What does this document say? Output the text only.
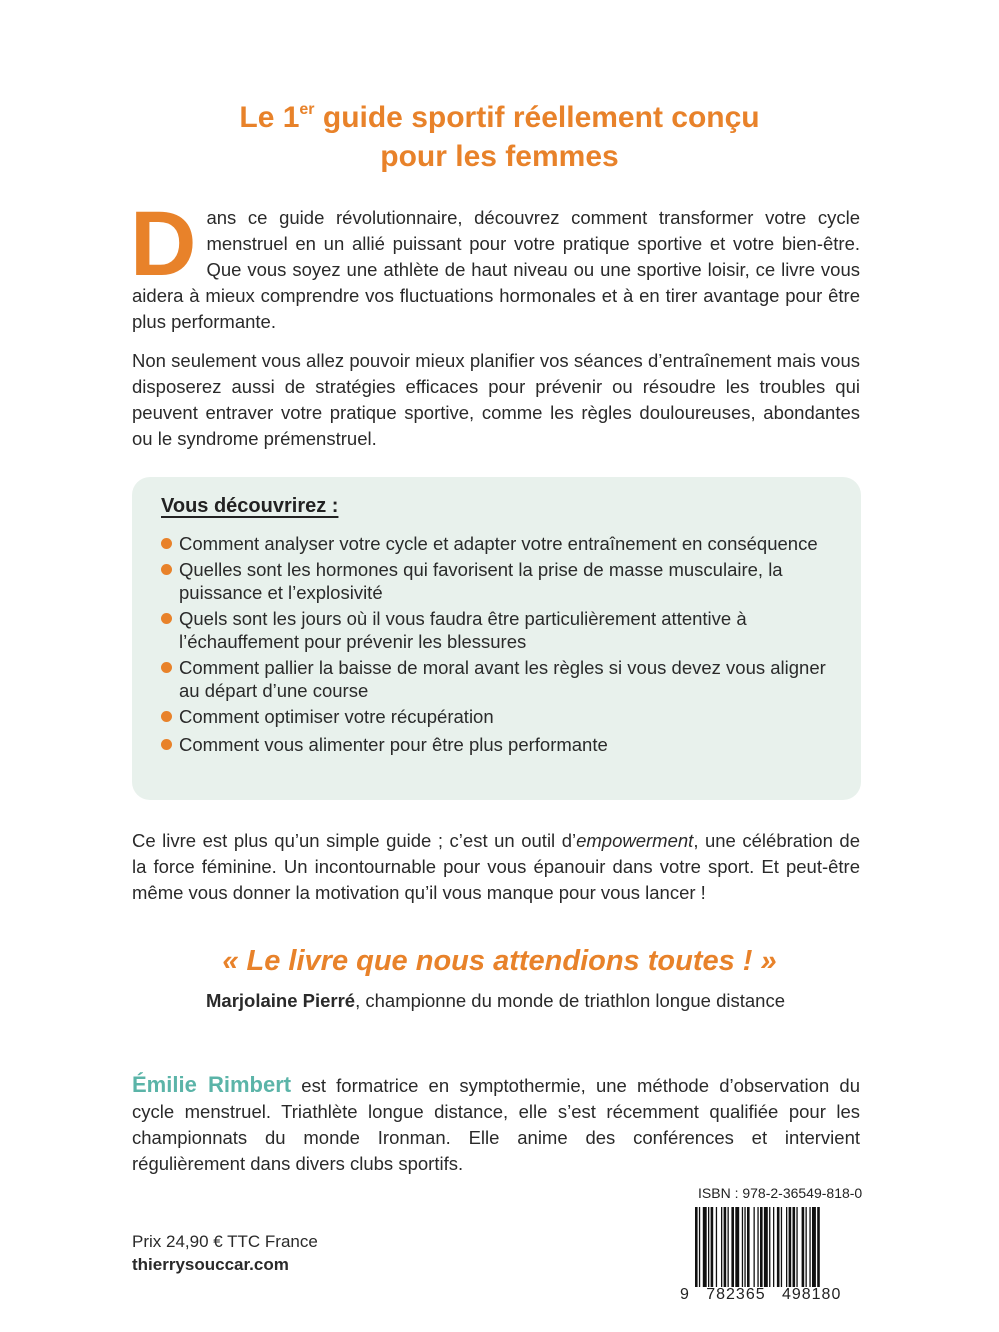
Le 1er guide sportif réellement conçu
pour les femmes
Dans ce guide révolutionnaire, découvrez comment transformer votre cycle menstruel en un allié puissant pour votre pratique sportive et votre bien-être. Que vous soyez une athlète de haut niveau ou une sportive loisir, ce livre vous aidera à mieux comprendre vos fluctuations hormonales et à en tirer avantage pour être plus performante.
Non seulement vous allez pouvoir mieux planifier vos séances d’entraînement mais vous disposerez aussi de stratégies efficaces pour prévenir ou résoudre les troubles qui peuvent entraver votre pratique sportive, comme les règles douloureuses, abondantes ou le syndrome prémenstruel.
Vous découvrirez :
Comment analyser votre cycle et adapter votre entraînement en conséquence
Quelles sont les hormones qui favorisent la prise de masse musculaire, la puissance et l’explosivité
Quels sont les jours où il vous faudra être particulièrement attentive à l’échauffement pour prévenir les blessures
Comment pallier la baisse de moral avant les règles si vous devez vous aligner au départ d’une course
Comment optimiser votre récupération
Comment vous alimenter pour être plus performante
Ce livre est plus qu’un simple guide ; c’est un outil d’empowerment, une célébration de la force féminine. Un incontournable pour vous épanouir dans votre sport. Et peut-être même vous donner la motivation qu’il vous manque pour vous lancer !
« Le livre que nous attendions toutes ! »
Marjolaine Pierré, championne du monde de triathlon longue distance
Émilie Rimbert est formatrice en symptothermie, une méthode d’observation du cycle menstruel. Triathlète longue distance, elle s’est récemment qualifiée pour les championnats du monde Ironman. Elle anime des conférences et intervient régulièrement dans divers clubs sportifs.
Prix 24,90 € TTC France
thierrysouccar.com
ISBN : 978-2-36549-818-0
9   782365   498180
